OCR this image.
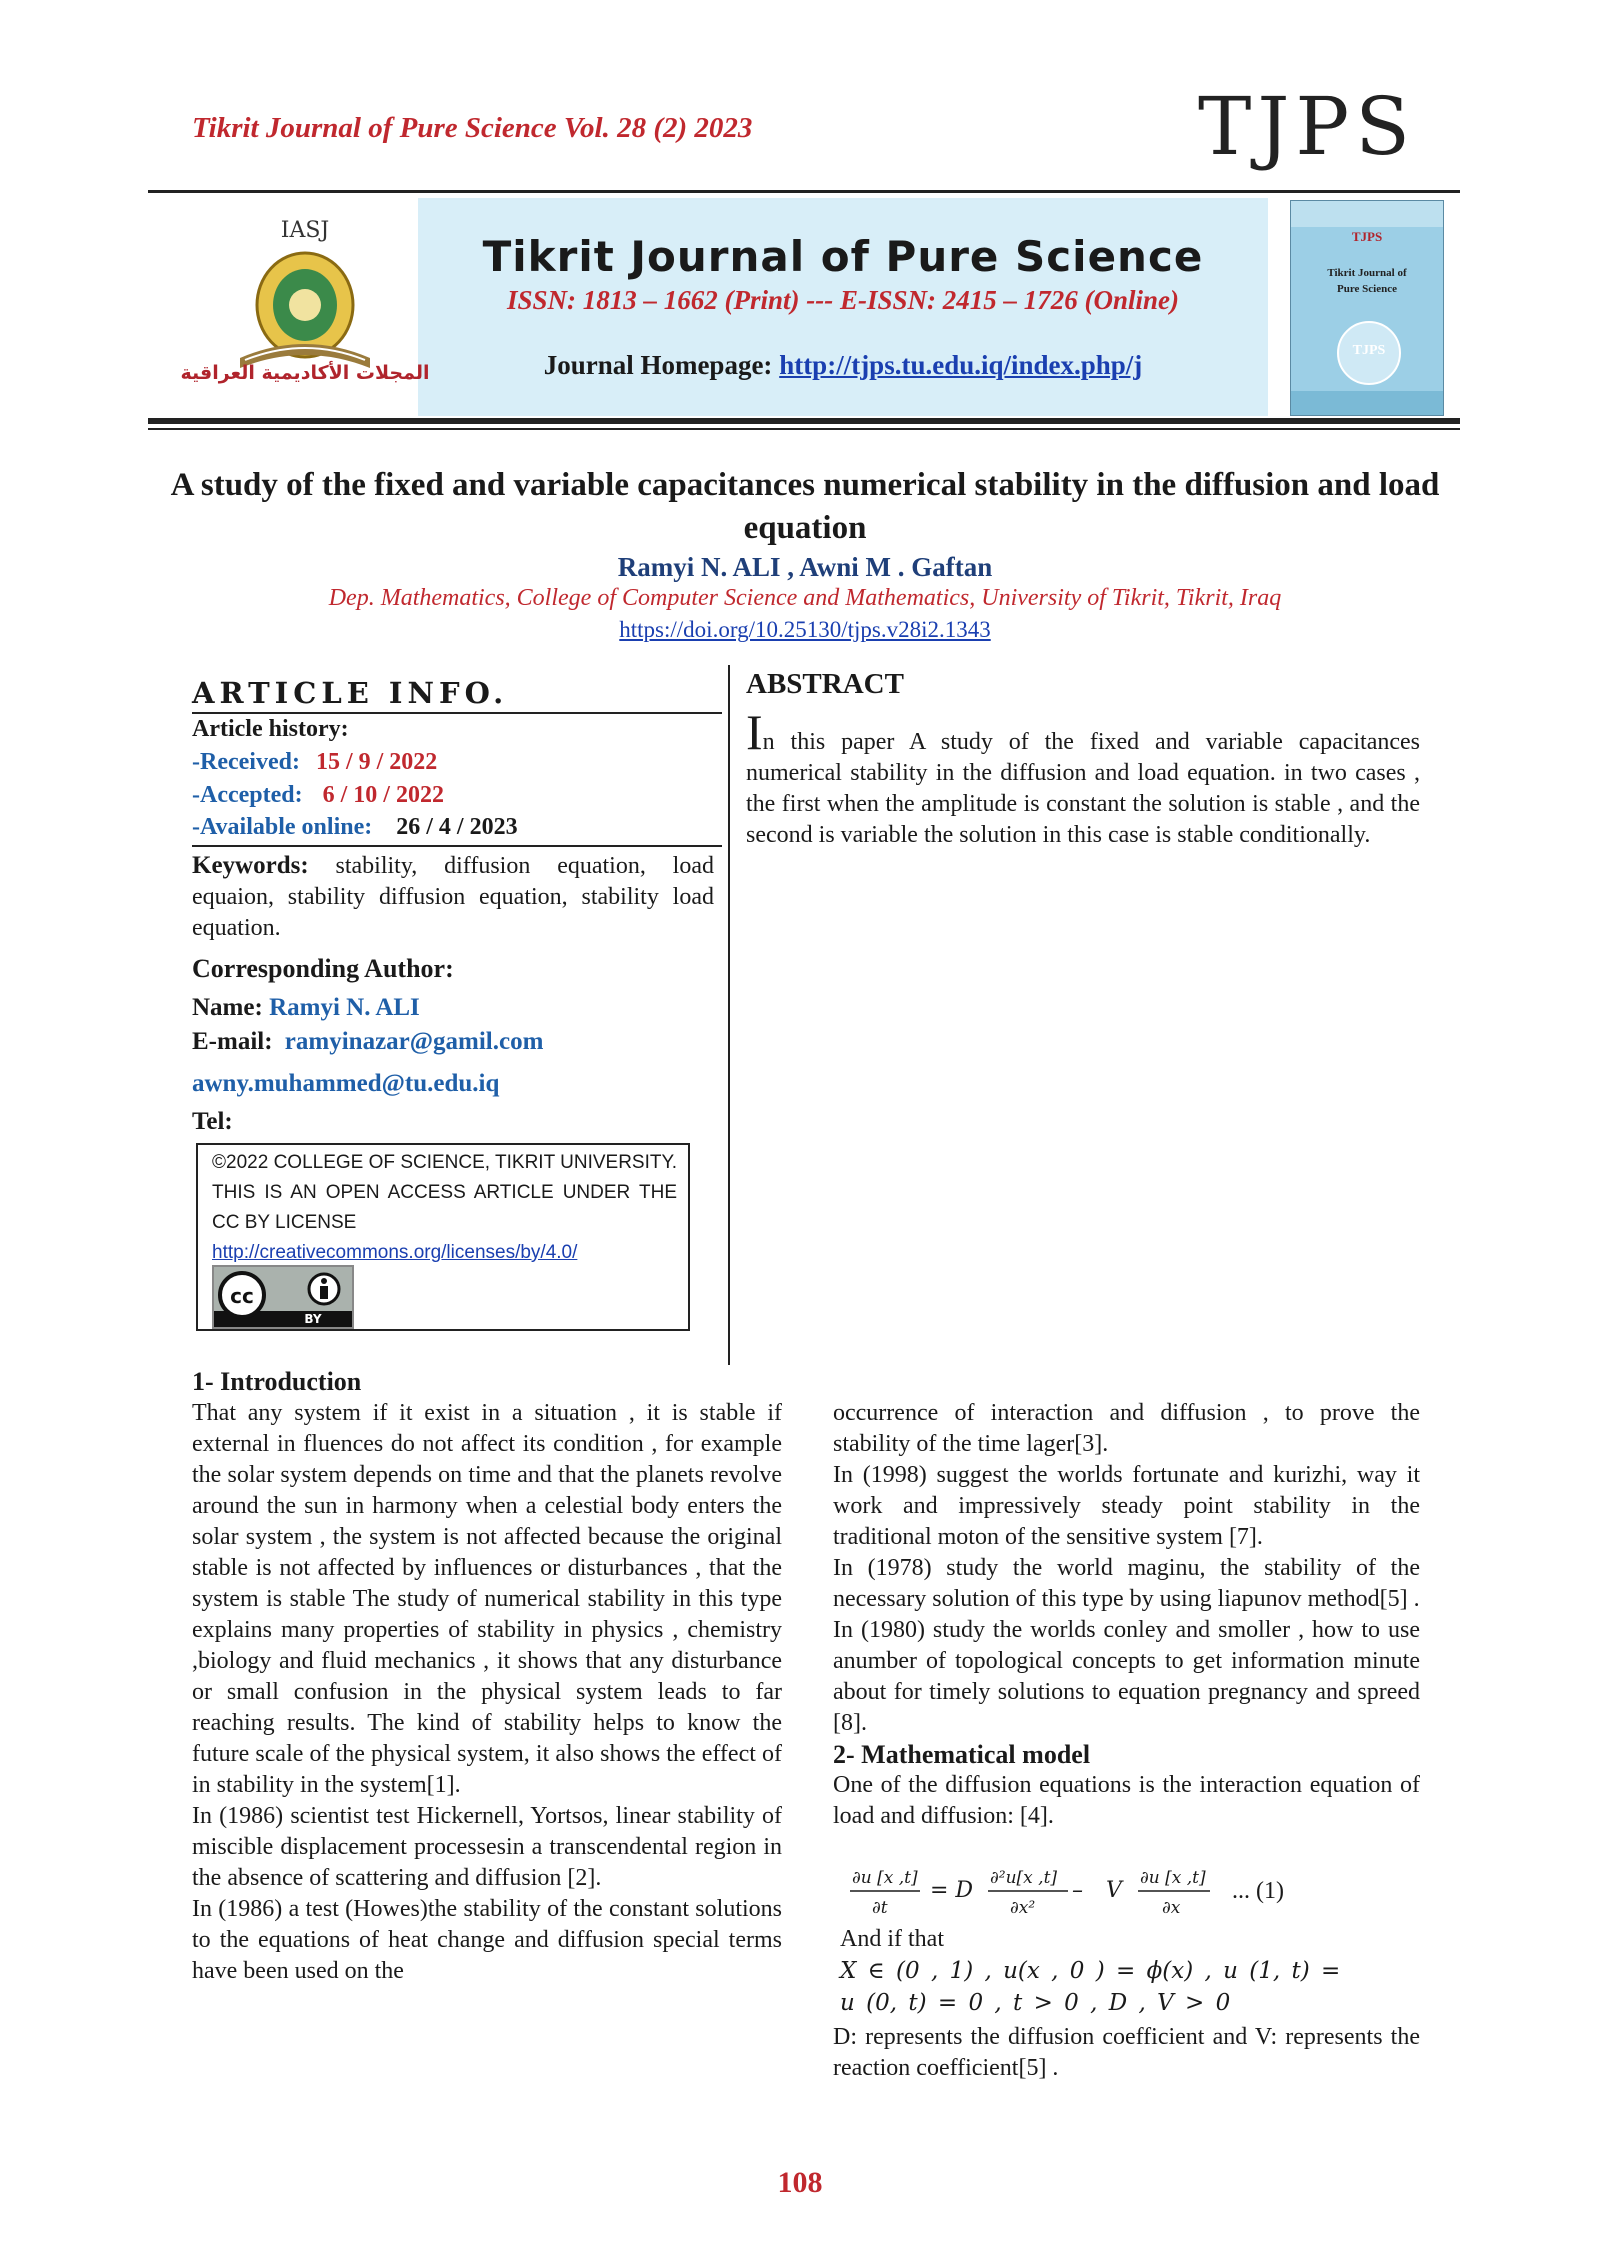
Tikrit Journal of Pure Science Vol. 28 (2) 2023	TJPS
IASJ
المجلات الأكاديمية العراقية
Tikrit Journal of Pure Science
ISSN: 1813 – 1662 (Print) --- E-ISSN: 2415 – 1726 (Online)
Journal Homepage: http://tjps.tu.edu.iq/index.php/j
TJPS
Tikrit Journal of
Pure Science
TJPS
A study of the fixed and variable capacitances numerical stability in the diffusion and load equation
Ramyi N. ALI , Awni M . Gaftan
Dep. Mathematics, College of Computer Science and Mathematics, University of Tikrit, Tikrit, Iraq
https://doi.org/10.25130/tjps.v28i2.1343
ARTICLE INFO.
Article history:
-Received: 15 / 9 / 2022
-Accepted: 6 / 10 / 2022
-Available online: 26 / 4 / 2023
Keywords: stability, diffusion equation, load equaion, stability diffusion equation, stability load equation.
Corresponding Author:
Name: Ramyi N. ALI
E-mail: ramyinazar@gamil.com
awny.muhammed@tu.edu.iq
Tel:
©2022 COLLEGE OF SCIENCE, TIKRIT UNIVERSITY. THIS IS AN OPEN ACCESS ARTICLE UNDER THE CC BY LICENSE
http://creativecommons.org/licenses/by/4.0/
cc
BY
ABSTRACT
In this paper A study of the fixed and variable capacitances numerical stability in the diffusion and load equation. in two cases , the first when the amplitude is constant the solution is stable , and the second is variable the solution in this case is stable conditionally.
1- Introduction
That any system if it exist in a situation , it is stable if external in fluences do not affect its condition , for example the solar system depends on time and that the planets revolve around the sun in harmony when a celestial body enters the solar system , the system is not affected because the original stable is not affected by influences or disturbances , that the system is stable The study of numerical stability in this type explains many properties of stability in physics , chemistry ,biology and fluid mechanics , it shows that any disturbance or small confusion in the physical system leads to far reaching results. The kind of stability helps to know the future scale of the physical system, it also shows the effect of in stability in the system[1].
In (1986) scientist test Hickernell, Yortsos, linear stability of miscible displacement processesin a transcendental region in the absence of scattering and diffusion [2].
In (1986) a test (Howes)the stability of the constant solutions to the equations of heat change and diffusion special terms have been used on the
occurrence of interaction and diffusion , to prove the stability of the time lager[3].
In (1998) suggest the worlds fortunate and kurizhi, way it work and impressively steady point stability in the traditional moton of the sensitive system [7].
In (1978) study the world maginu, the stability of the necessary solution of this type by using liapunov method[5] .
In (1980) study the worlds conley and smoller , how to use anumber of topological concepts to get information minute about for timely solutions to equation pregnancy and spreed [8].
2- Mathematical model
One of the diffusion equations is the interaction equation of load and diffusion: [4].
∂u [x ,t]
∂t
= D ∂²u[x ,t]
∂x²
– V ∂u [x ,t]
∂x
... (1)
And if that
X ∈ (0 , 1) , u(x , 0 ) = ϕ(x) , u (1, t) =
u (0, t) = 0 , t > 0 , D , V > 0
D: represents the diffusion coefficient and V: represents the reaction coefficient[5] .
108
